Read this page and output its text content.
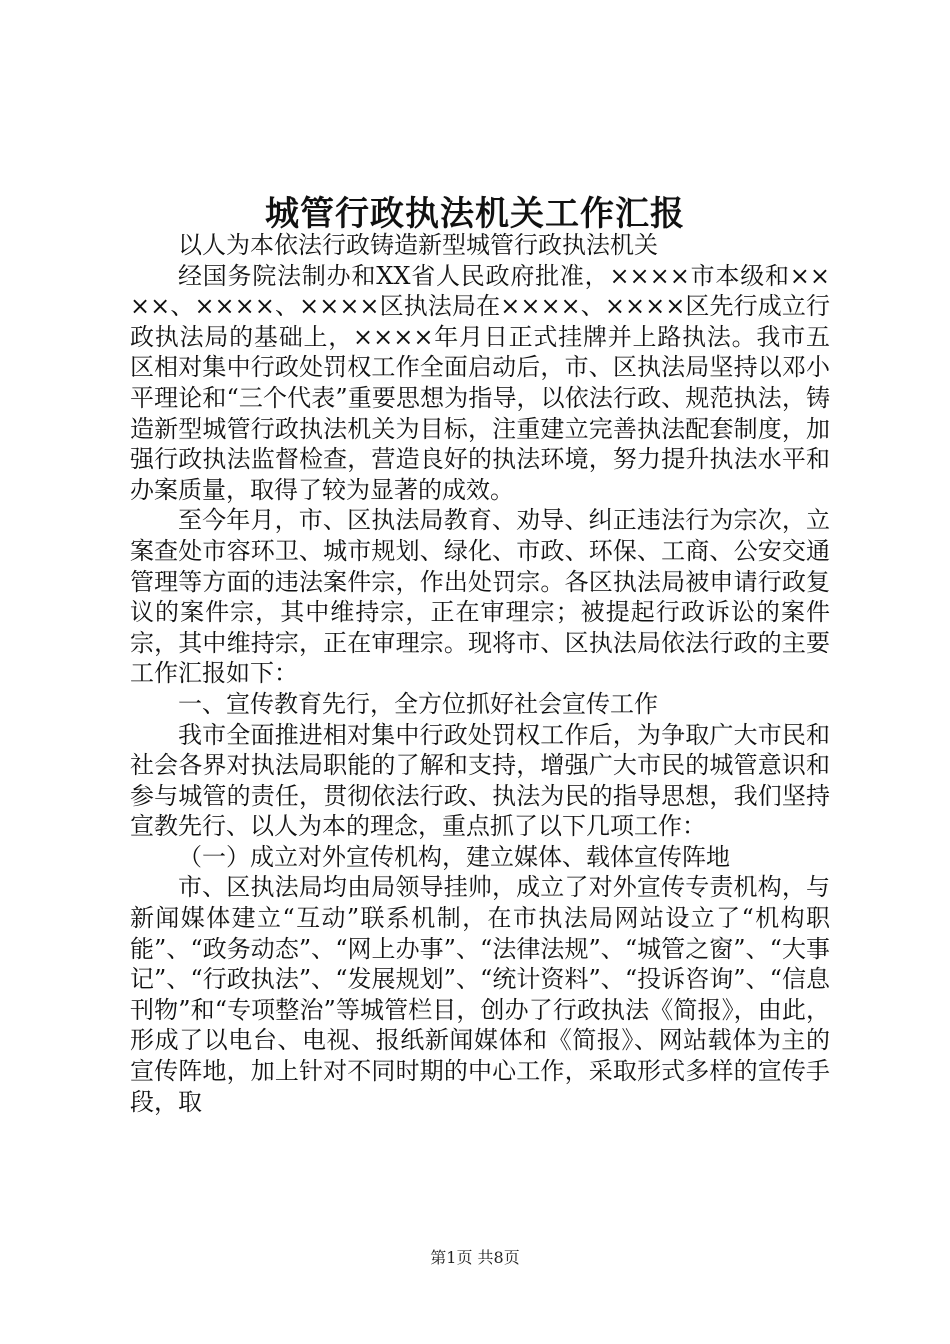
城管行政执法机关工作汇报

以人为本依法行政铸造新型城管行政执法机关

经国务院法制办和XX省人民政府批准，××××市本级和××××、××××、××××区执法局在××××、××××区先行成立行政执法局的基础上，××××年月日正式挂牌并上路执法。我市五区相对集中行政处罚权工作全面启动后，市、区执法局坚持以邓小平理论和“三个代表”重要思想为指导，以依法行政、规范执法，铸造新型城管行政执法机关为目标，注重建立完善执法配套制度，加强行政执法监督检查，营造良好的执法环境，努力提升执法水平和办案质量，取得了较为显著的成效。

至今年月，市、区执法局教育、劝导、纠正违法行为宗次，立案查处市容环卫、城市规划、绿化、市政、环保、工商、公安交通管理等方面的违法案件宗，作出处罚宗。各区执法局被申请行政复议的案件宗，其中维持宗，正在审理宗；被提起行政诉讼的案件宗，其中维持宗，正在审理宗。现将市、区执法局依法行政的主要工作汇报如下：

一、宣传教育先行，全方位抓好社会宣传工作

我市全面推进相对集中行政处罚权工作后，为争取广大市民和社会各界对执法局职能的了解和支持，增强广大市民的城管意识和参与城管的责任，贯彻依法行政、执法为民的指导思想，我们坚持宣教先行、以人为本的理念，重点抓了以下几项工作：

（一）成立对外宣传机构，建立媒体、载体宣传阵地

市、区执法局均由局领导挂帅，成立了对外宣传专责机构，与新闻媒体建立“互动”联系机制，在市执法局网站设立了“机构职能”、“政务动态”、“网上办事”、“法律法规”、“城管之窗”、“大事记”、“行政执法”、“发展规划”、“统计资料”、“投诉咨询”、“信息刊物”和“专项整治”等城管栏目，创办了行政执法《简报》，由此，形成了以电台、电视、报纸新闻媒体和《简报》、网站载体为主的宣传阵地，加上针对不同时期的中心工作，采取形式多样的宣传手段，取

第1页 共8页
